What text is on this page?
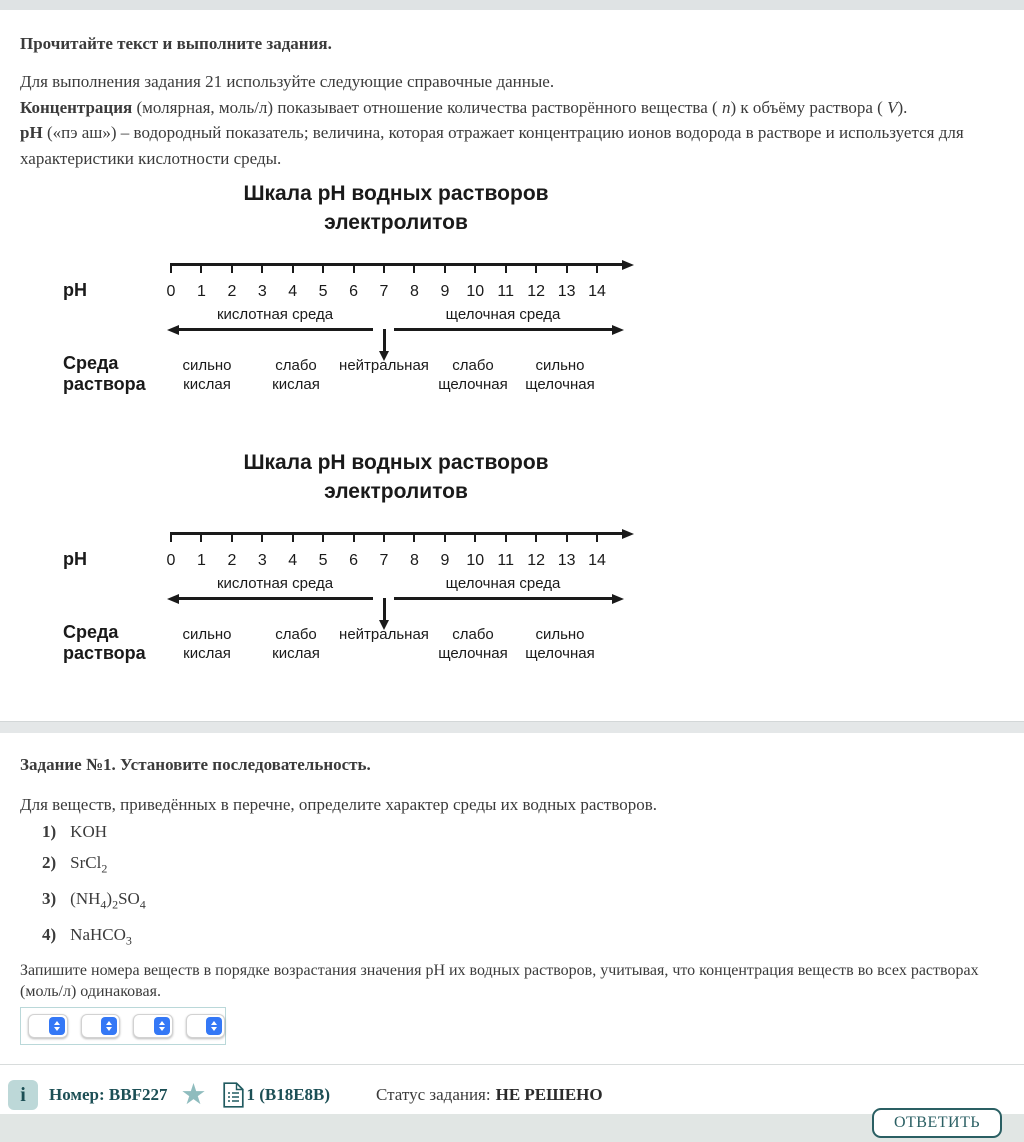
Прочитайте текст и выполните задания.

Для выполнения задания 21 используйте следующие справочные данные.

Концентрация (молярная, моль/л) показывает отношение количества растворённого вещества ( n) к объёму раствора ( V).

рН («пэ аш») – водородный показатель; величина, которая отражает концентрацию ионов водорода в растворе и используется для характеристики кислотности среды.

Шкала рН водных растворов
электролитов
0	1	2	3	4	5	6	7	8	9	10 11 12 13 14
рН
кислотная среда	щелочная среда
Среда
раствора
сильно
кислая
слабо
кислая
нейтральная	слабо
щелочная
сильно
щелочная
Шкала рН водных растворов
электролитов
0	1	2	3	4	5	6	7	8	9	10 11 12 13 14
рН
кислотная среда	щелочная среда
Среда
раствора
сильно
кислая
слабо
кислая
нейтральная	слабо
щелочная
сильно
щелочная

Задание №1. Установите последовательность.

Для веществ, приведённых в перечне, определите характер среды их водных растворов.

1) KOH
2) SrCl$_2$
3) $(NH_4)_2SO_4$
4) NaHCO$_3$

Запишите номера веществ в порядке возрастания значения рН их водных растворов, учитывая, что концентрация веществ во всех растворах (моль/л) одинаковая.

i	Номер: BBF227 ★ 1 (B18E8B)	Статус задания: НЕ РЕШЕНО
ОТВЕТИТЬ
